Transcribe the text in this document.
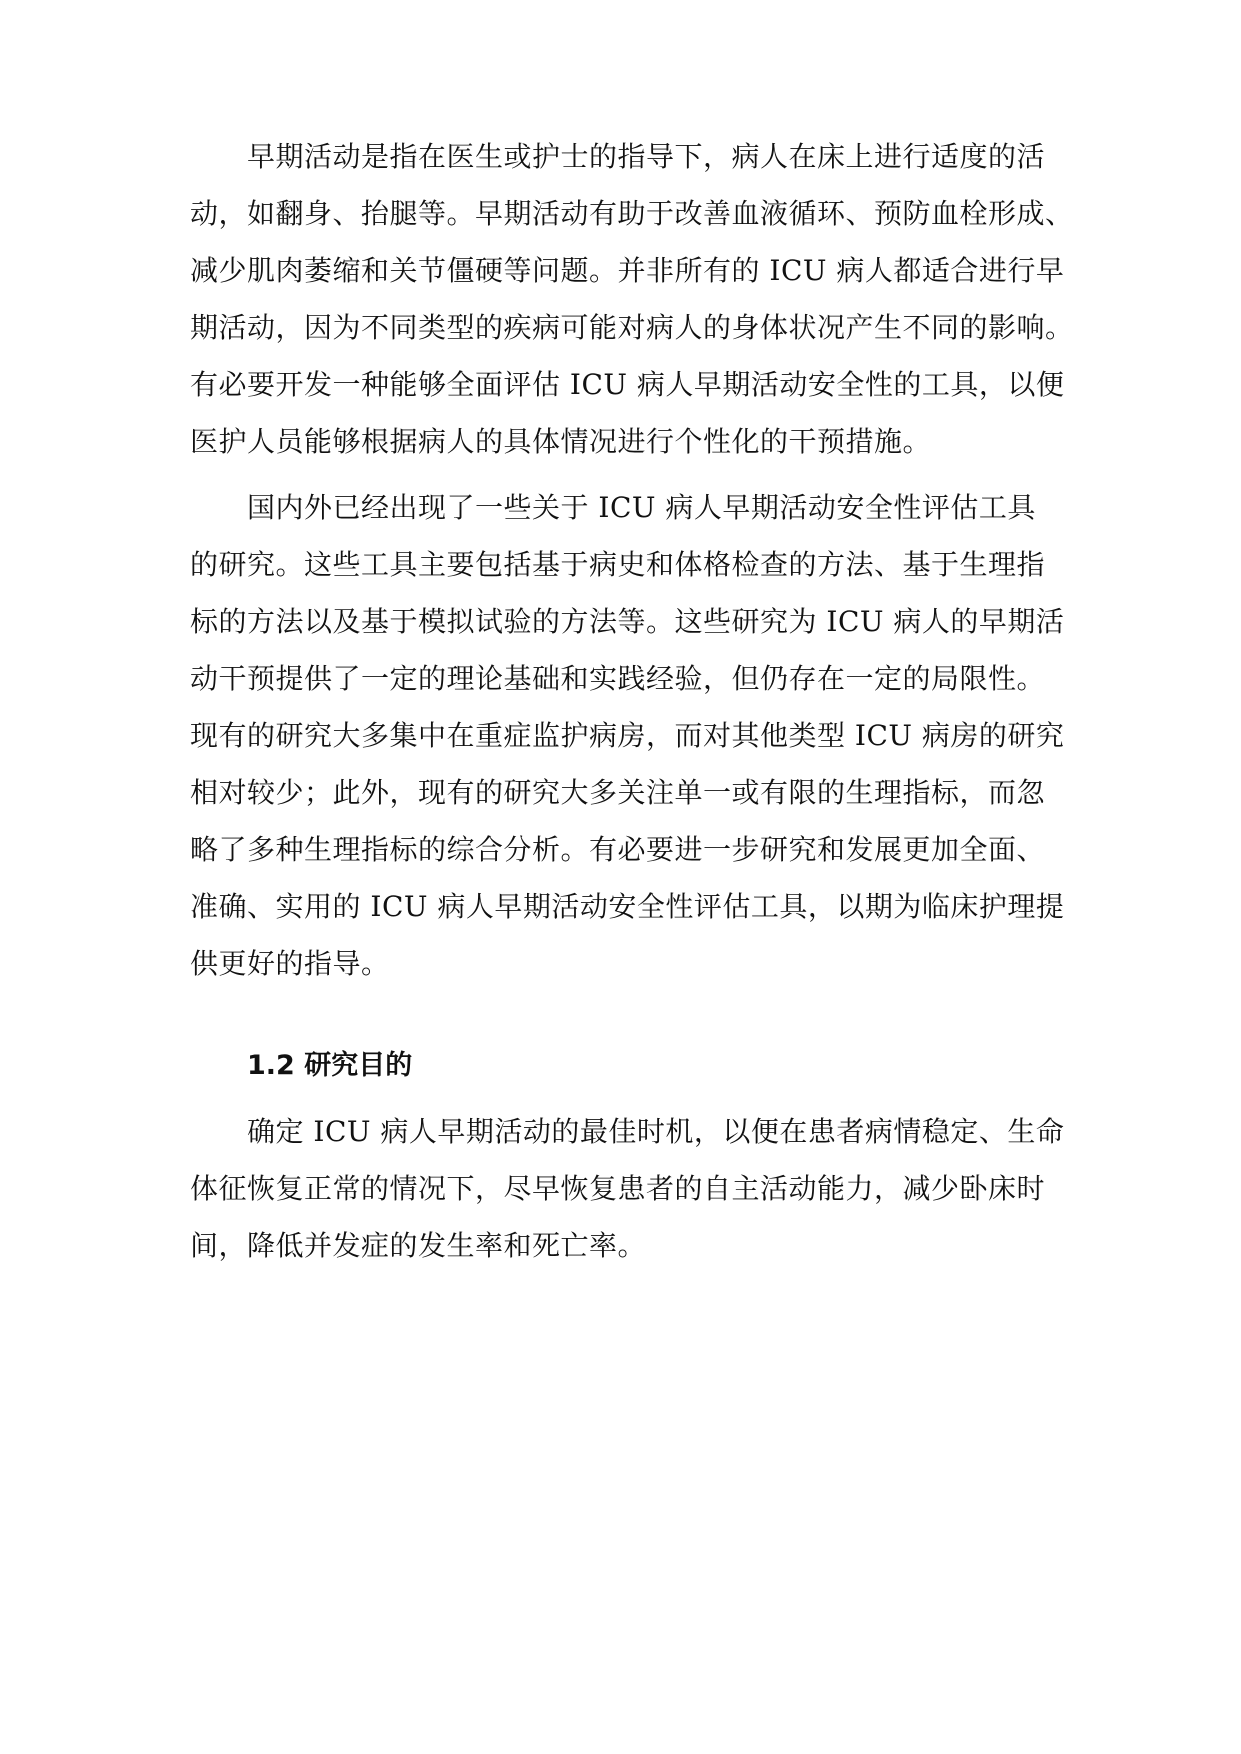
早期活动是指在医生或护士的指导下，病人在床上进行适度的活
动，如翻身、抬腿等。早期活动有助于改善血液循环、预防血栓形成、
减少肌肉萎缩和关节僵硬等问题。并非所有的 ICU 病人都适合进行早
期活动，因为不同类型的疾病可能对病人的身体状况产生不同的影响。
有必要开发一种能够全面评估 ICU 病人早期活动安全性的工具，以便
医护人员能够根据病人的具体情况进行个性化的干预措施。
国内外已经出现了一些关于 ICU 病人早期活动安全性评估工具
的研究。这些工具主要包括基于病史和体格检查的方法、基于生理指
标的方法以及基于模拟试验的方法等。这些研究为 ICU 病人的早期活
动干预提供了一定的理论基础和实践经验，但仍存在一定的局限性。
现有的研究大多集中在重症监护病房，而对其他类型 ICU 病房的研究
相对较少；此外，现有的研究大多关注单一或有限的生理指标，而忽
略了多种生理指标的综合分析。有必要进一步研究和发展更加全面、
准确、实用的 ICU 病人早期活动安全性评估工具，以期为临床护理提
供更好的指导。
1.2 研究目的
确定 ICU 病人早期活动的最佳时机，以便在患者病情稳定、生命
体征恢复正常的情况下，尽早恢复患者的自主活动能力，减少卧床时
间，降低并发症的发生率和死亡率。
